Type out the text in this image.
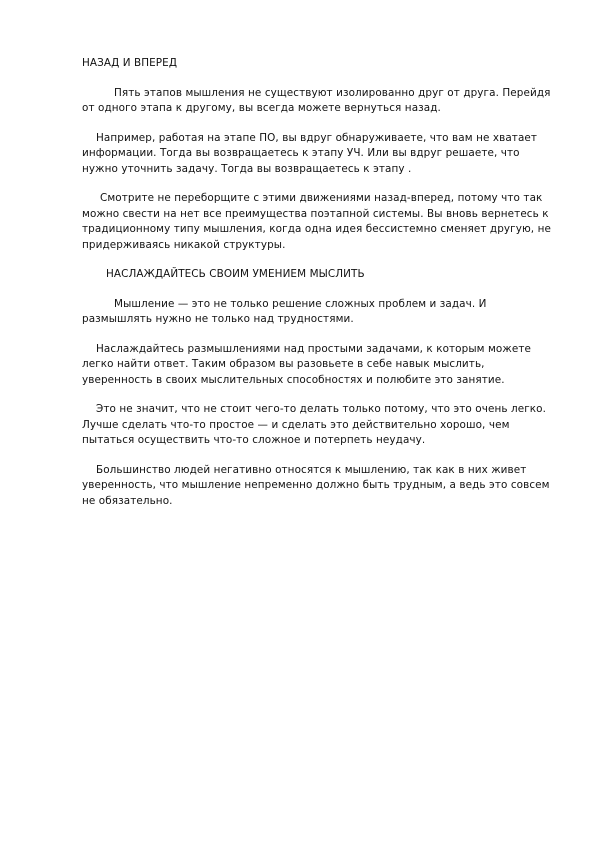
НАЗАД И ВПЕРЕД

Пять этапов мышления не существуют изолированно друг от друга. Перейдя от одного этапа к другому, вы всегда можете вернуться назад.

Например, работая на этапе ПО, вы вдруг обнаруживаете, что вам не хватает информации. Тогда вы возвращаетесь к этапу УЧ. Или вы вдруг решаете, что нужно уточнить задачу. Тогда вы возвращаетесь к этапу .

Смотрите не переборщите с этими движениями назад-вперед, потому что так можно свести на нет все преимущества поэтапной системы. Вы вновь вернетесь к традиционному типу мышления, когда одна идея бессистемно сменяет другую, не придерживаясь никакой структуры.

НАСЛАЖДАЙТЕСЬ СВОИМ УМЕНИЕМ МЫСЛИТЬ

Мышление — это не только решение сложных проблем и задач. И размышлять нужно не только над трудностями.

Наслаждайтесь размышлениями над простыми задачами, к которым можете легко найти ответ. Таким образом вы разовьете в себе навык мыслить, уверенность в своих мыслительных способностях и полюбите это занятие.

Это не значит, что не стоит чего-то делать только потому, что это очень легко. Лучше сделать что-то простое — и сделать это действительно хорошо, чем пытаться осуществить что-то сложное и потерпеть неудачу.

Большинство людей негативно относятся к мышлению, так как в них живет уверенность, что мышление непременно должно быть трудным, а ведь это совсем не обязательно.
